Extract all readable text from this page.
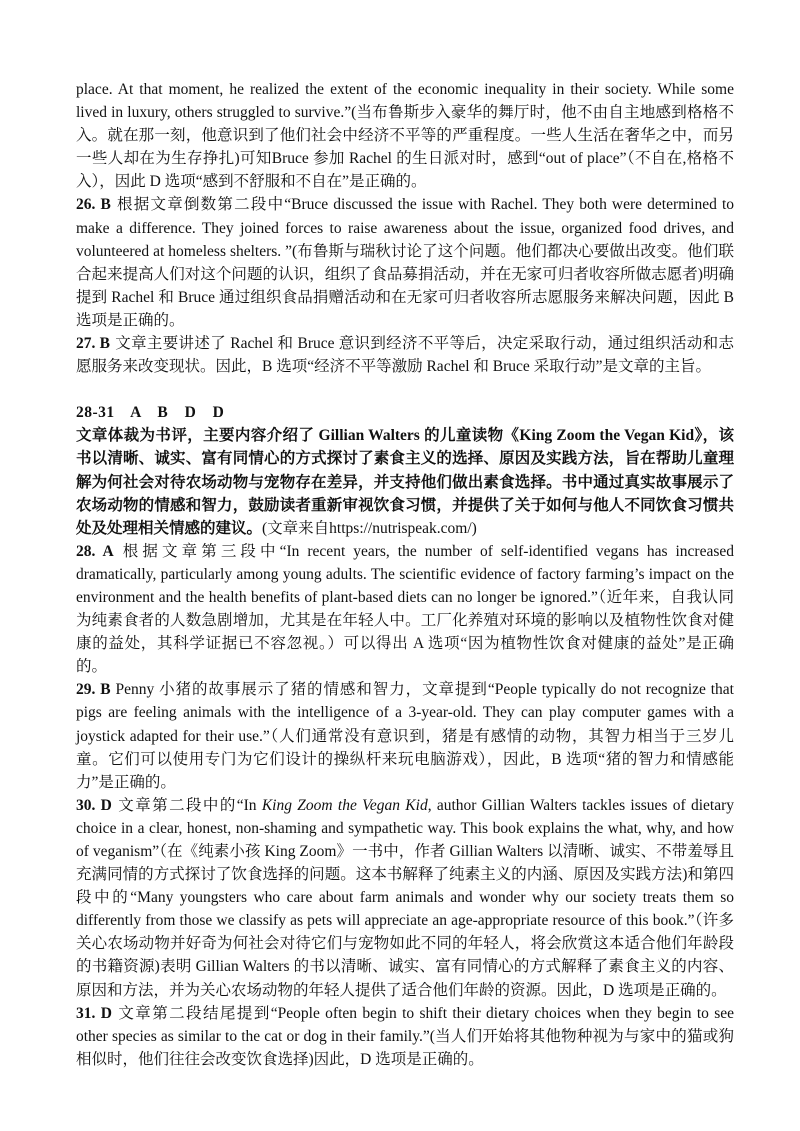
place. At that moment, he realized the extent of the economic inequality in their society. While some lived in luxury, others struggled to survive.”(当布鲁斯步入豪华的舞厅时，他不由自主地感到格格不入。就在那一刻，他意识到了他们社会中经济不平等的严重程度。一些人生活在奢华之中，而另一些人却在为生存挣扎)可知Bruce 参加 Rachel 的生日派对时，感到“out of place”（不自在,格格不入），因此 D 选项“感到不舒服和不自在”是正确的。

26. B 根据文章倒数第二段中“Bruce discussed the issue with Rachel. They both were determined to make a difference. They joined forces to raise awareness about the issue, organized food drives, and volunteered at homeless shelters. ”(布鲁斯与瑞秋讨论了这个问题。他们都决心要做出改变。他们联合起来提高人们对这个问题的认识，组织了食品募捐活动，并在无家可归者收容所做志愿者)明确提到 Rachel 和 Bruce 通过组织食品捐赠活动和在无家可归者收容所志愿服务来解决问题，因此 B 选项是正确的。

27. B 文章主要讲述了 Rachel 和 Bruce 意识到经济不平等后，决定采取行动，通过组织活动和志愿服务来改变现状。因此，B 选项“经济不平等激励 Rachel 和 Bruce 采取行动”是文章的主旨。

28-31 A B D D

文章体裁为书评，主要内容介绍了 Gillian Walters 的儿童读物《King Zoom the Vegan Kid》，该书以清晰、诚实、富有同情心的方式探讨了素食主义的选择、原因及实践方法，旨在帮助儿童理解为何社会对待农场动物与宠物存在差异，并支持他们做出素食选择。书中通过真实故事展示了农场动物的情感和智力，鼓励读者重新审视饮食习惯，并提供了关于如何与他人不同饮食习惯共处及处理相关情感的建议。(文章来自https://nutrispeak.com/)

28. A 根据文章第三段中“In recent years, the number of self-identified vegans has increased dramatically, particularly among young adults. The scientific evidence of factory farming’s impact on the environment and the health benefits of plant-based diets can no longer be ignored.”（近年来，自我认同为纯素食者的人数急剧增加，尤其是在年轻人中。工厂化养殖对环境的影响以及植物性饮食对健康的益处，其科学证据已不容忽视。）可以得出 A 选项“因为植物性饮食对健康的益处”是正确的。

29. B Penny 小猪的故事展示了猪的情感和智力，文章提到“People typically do not recognize that pigs are feeling animals with the intelligence of a 3-year-old. They can play computer games with a joystick adapted for their use.”（人们通常没有意识到，猪是有感情的动物，其智力相当于三岁儿童。它们可以使用专门为它们设计的操纵杆来玩电脑游戏），因此，B 选项“猪的智力和情感能力”是正确的。

30. D 文章第二段中的“In King Zoom the Vegan Kid, author Gillian Walters tackles issues of dietary choice in a clear, honest, non-shaming and sympathetic way. This book explains the what, why, and how of veganism”（在《纯素小孩 King Zoom》一书中，作者 Gillian Walters 以清晰、诚实、不带羞辱且充满同情的方式探讨了饮食选择的问题。这本书解释了纯素主义的内涵、原因及实践方法)和第四段中的“Many youngsters who care about farm animals and wonder why our society treats them so differently from those we classify as pets will appreciate an age-appropriate resource of this book.”（许多关心农场动物并好奇为何社会对待它们与宠物如此不同的年轻人，将会欣赏这本适合他们年龄段的书籍资源)表明 Gillian Walters 的书以清晰、诚实、富有同情心的方式解释了素食主义的内容、原因和方法，并为关心农场动物的年轻人提供了适合他们年龄的资源。因此，D 选项是正确的。

31. D 文章第二段结尾提到“People often begin to shift their dietary choices when they begin to see other species as similar to the cat or dog in their family.”(当人们开始将其他物种视为与家中的猫或狗相似时，他们往往会改变饮食选择)因此，D 选项是正确的。
